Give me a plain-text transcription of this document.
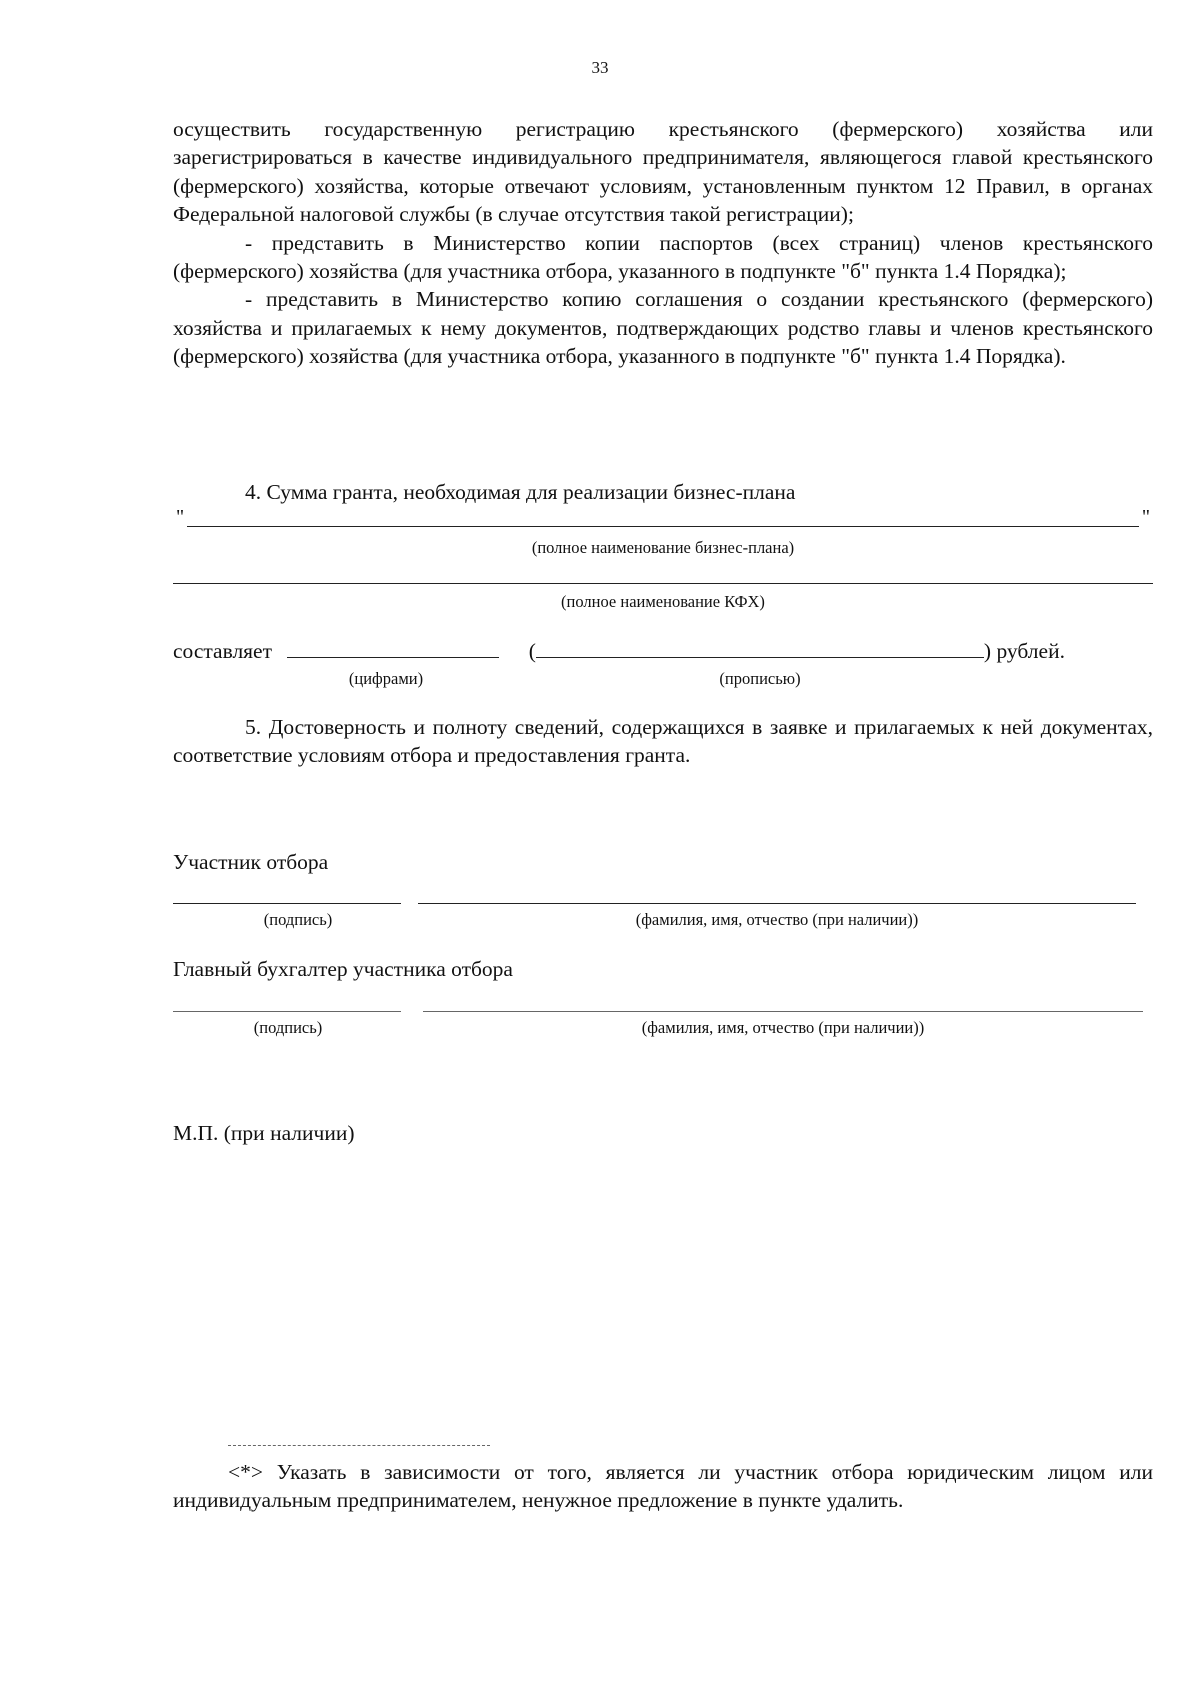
33

осуществить государственную регистрацию крестьянского (фермерского) хозяйства или зарегистрироваться в качестве индивидуального предпринимателя, являющегося главой крестьянского (фермерского) хозяйства, которые отвечают условиям, установленным пунктом 12 Правил, в органах Федеральной налоговой службы (в случае отсутствия такой регистрации);

- представить в Министерство копии паспортов (всех страниц) членов крестьянского (фермерского) хозяйства (для участника отбора, указанного в подпункте "б" пункта 1.4 Порядка);

- представить в Министерство копию соглашения о создании крестьянского (фермерского) хозяйства и прилагаемых к нему документов, подтверждающих родство главы и членов крестьянского (фермерского) хозяйства (для участника отбора, указанного в подпункте "б" пункта 1.4 Порядка).

4. Сумма гранта, необходимая для реализации бизнес-плана

"	"
(полное наименование бизнес-плана)
(полное наименование КФХ)
составляет	(	) рублей.
(цифрами)	(прописью)

5. Достоверность и полноту сведений, содержащихся в заявке и прилагаемых к ней документах, соответствие условиям отбора и предоставления гранта.

Участник отбора
(подпись)	(фамилия, имя, отчество (при наличии))
Главный бухгалтер участника отбора
(подпись)	(фамилия, имя, отчество (при наличии))
М.П. (при наличии)

<*> Указать в зависимости от того, является ли участник отбора юридическим лицом или индивидуальным предпринимателем, ненужное предложение в пункте удалить.
